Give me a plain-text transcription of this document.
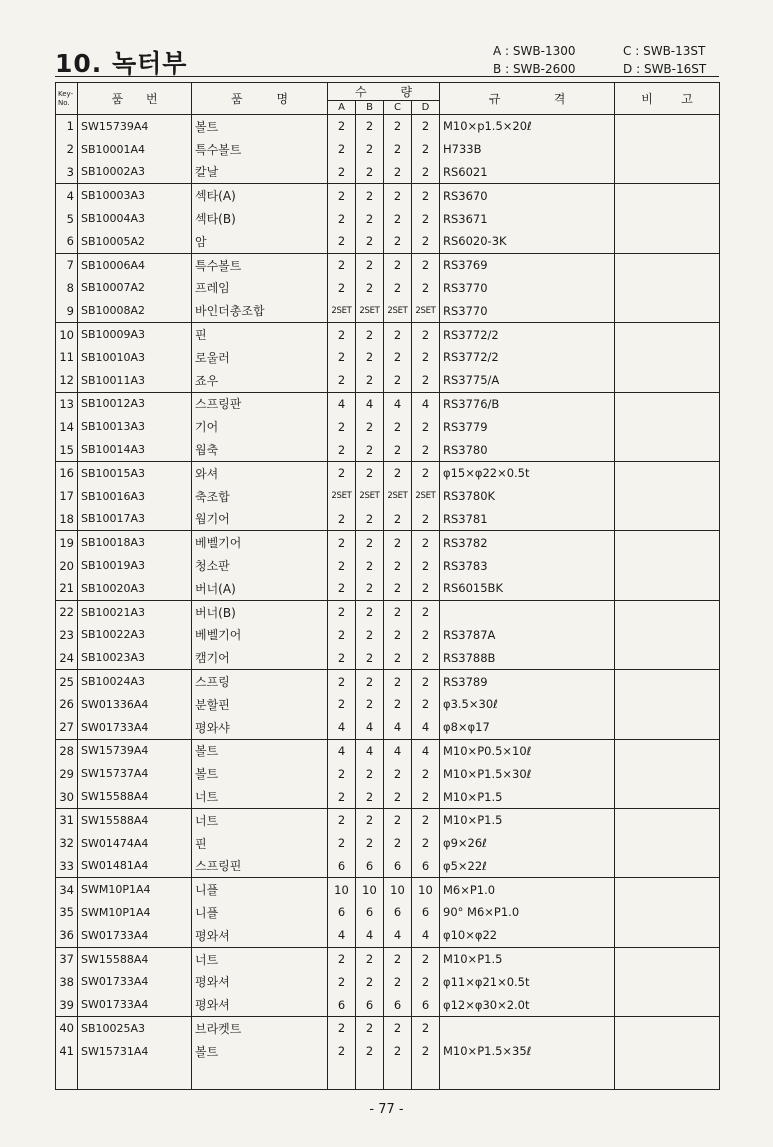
10. 녹터부	A : SWB-1300	C : SWB-13ST
B : SWB-2600	D : SWB-16ST
Key-No.	품 번	품 명	수 량				규 격	비 고

			A	B	C	D		
1	SW15739A4	볼트	2	2	2	2	M10×p1.5×20ℓ	
2	SB10001A4	특수볼트	2	2	2	2	H733B	
3	SB10002A3	칼날	2	2	2	2	RS6021	
4	SB10003A3	섹타(A)	2	2	2	2	RS3670	
5	SB10004A3	섹타(B)	2	2	2	2	RS3671	
6	SB10005A2	암	2	2	2	2	RS6020-3K	
7	SB10006A4	특수볼트	2	2	2	2	RS3769	
8	SB10007A2	프레임	2	2	2	2	RS3770	
9	SB10008A2	바인더총조합	2SET	2SET	2SET	2SET	RS3770	
10	SB10009A3	핀	2	2	2	2	RS3772/2	
11	SB10010A3	로울러	2	2	2	2	RS3772/2	
12	SB10011A3	죠우	2	2	2	2	RS3775/A	
13	SB10012A3	스프링판	4	4	4	4	RS3776/B	
14	SB10013A3	기어	2	2	2	2	RS3779	
15	SB10014A3	웜축	2	2	2	2	RS3780	
16	SB10015A3	와셔	2	2	2	2	φ15×φ22×0.5t	
17	SB10016A3	축조합	2SET	2SET	2SET	2SET	RS3780K	
18	SB10017A3	웜기어	2	2	2	2	RS3781	
19	SB10018A3	베벨기어	2	2	2	2	RS3782	
20	SB10019A3	청소판	2	2	2	2	RS3783	
21	SB10020A3	버너(A)	2	2	2	2	RS6015BK	
22	SB10021A3	버너(B)	2	2	2	2		
23	SB10022A3	베벨기어	2	2	2	2	RS3787A	
24	SB10023A3	캠기어	2	2	2	2	RS3788B	
25	SB10024A3	스프링	2	2	2	2	RS3789	
26	SW01336A4	분할핀	2	2	2	2	φ3.5×30ℓ	
27	SW01733A4	평와샤	4	4	4	4	φ8×φ17	
28	SW15739A4	볼트	4	4	4	4	M10×P0.5×10ℓ	
29	SW15737A4	볼트	2	2	2	2	M10×P1.5×30ℓ	
30	SW15588A4	너트	2	2	2	2	M10×P1.5	
31	SW15588A4	너트	2	2	2	2	M10×P1.5	
32	SW01474A4	핀	2	2	2	2	φ9×26ℓ	
33	SW01481A4	스프링핀	6	6	6	6	φ5×22ℓ	
34	SWM10P1A4	니플	10	10	10	10	M6×P1.0	
35	SWM10P1A4	니플	6	6	6	6	90° M6×P1.0	
36	SW01733A4	평와셔	4	4	4	4	φ10×φ22	
37	SW15588A4	너트	2	2	2	2	M10×P1.5	
38	SW01733A4	평와셔	2	2	2	2	φ11×φ21×0.5t	
39	SW01733A4	평와셔	6	6	6	6	φ12×φ30×2.0t	
40	SB10025A3	브라켓트	2	2	2	2		
41	SW15731A4	볼트	2	2	2	2	M10×P1.5×35ℓ	

- 77 -
